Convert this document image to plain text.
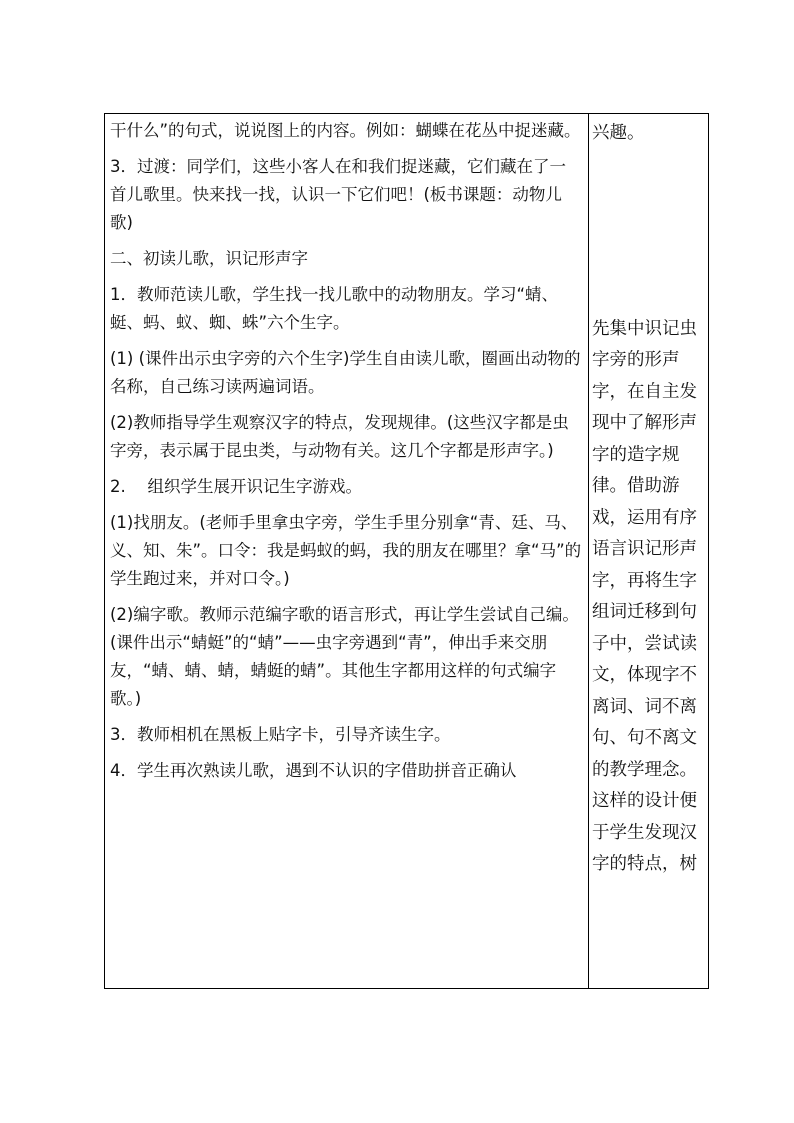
干什么”的句式，说说图上的内容。例如：蝴蝶在花丛中捉迷藏。

3．过渡：同学们，这些小客人在和我们捉迷藏，它们藏在了一首儿歌里。快来找一找，认识一下它们吧！(板书课题：动物儿歌)

二、初读儿歌，识记形声字

1．教师范读儿歌，学生找一找儿歌中的动物朋友。学习“蜻、蜓、蚂、蚁、蜘、蛛”六个生字。

(1) (课件出示虫字旁的六个生字)学生自由读儿歌，圈画出动物的名称，自己练习读两遍词语。

(2)教师指导学生观察汉字的特点，发现规律。(这些汉字都是虫字旁，表示属于昆虫类，与动物有关。这几个字都是形声字。)

2.　 组织学生展开识记生字游戏。

(1)找朋友。(老师手里拿虫字旁，学生手里分别拿“青、廷、马、义、知、朱”。口令：我是蚂蚁的蚂，我的朋友在哪里？拿“马”的学生跑过来，并对口令。)

(2)编字歌。教师示范编字歌的语言形式，再让学生尝试自己编。(课件出示“蜻蜓”的“蜻”——虫字旁遇到“青”，伸出手来交朋友，“蜻、蜻、蜻，蜻蜓的蜻”。其他生字都用这样的句式编字歌。)

3．教师相机在黑板上贴字卡，引导齐读生字。

4．学生再次熟读儿歌，遇到不认识的字借助拼音正确认

兴趣。

先集中识记虫字旁的形声字，在自主发现中了解形声字的造字规律。借助游戏，运用有序语言识记形声字，再将生字组词迁移到句子中，尝试读文，体现字不离词、词不离句、句不离文的教学理念。这样的设计便于学生发现汉字的特点，树
